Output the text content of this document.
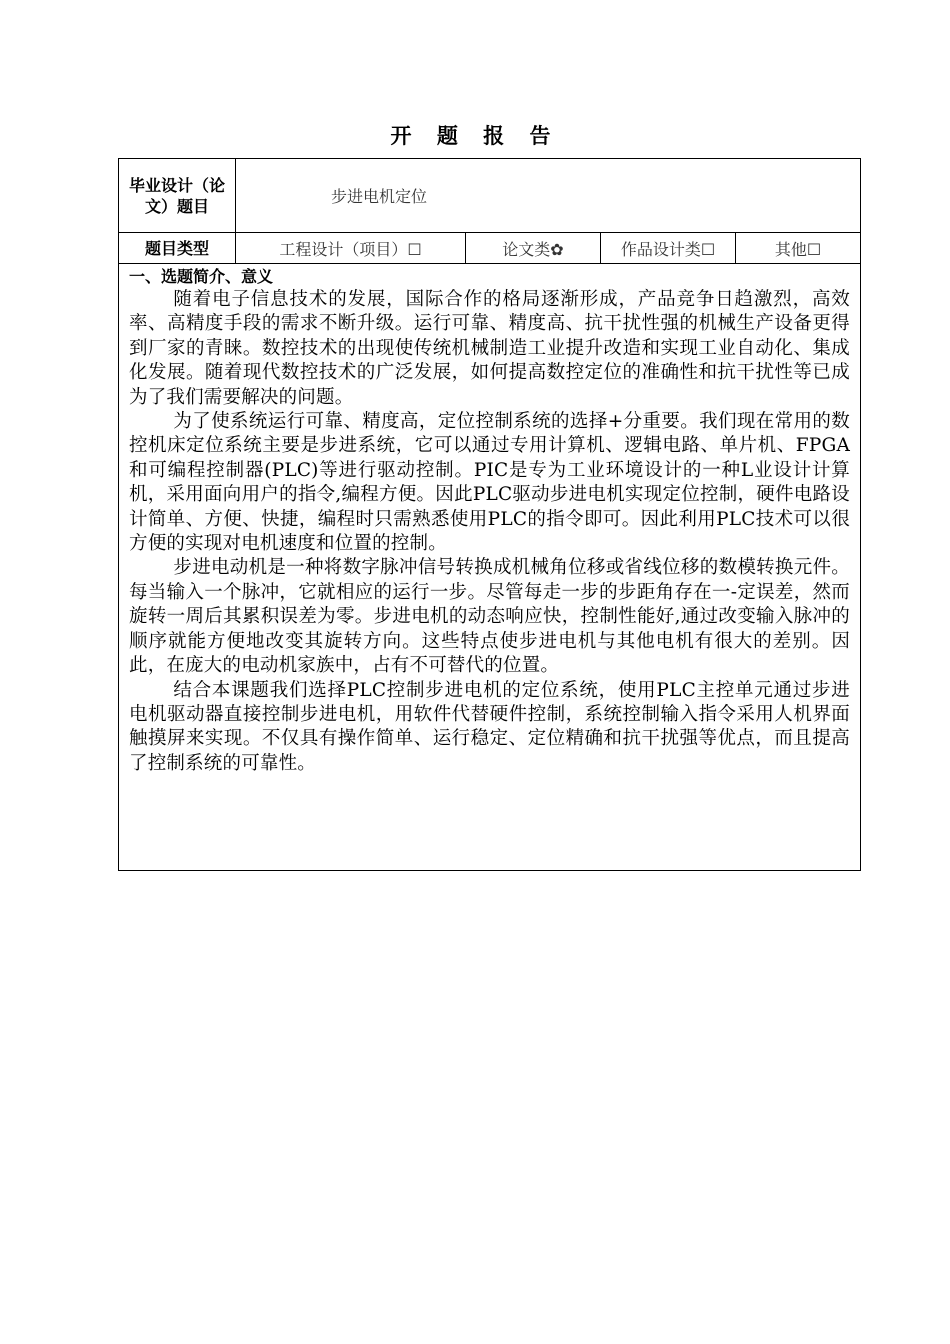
开 题 报 告
毕业设计（论文）题目	步进电机定位			
题目类型	工程设计（项目）☐	论文类✿	作品设计类☐	其他☐

一、选题简介、意义

随着电子信息技术的发展，国际合作的格局逐渐形成，产品竞争日趋激烈，高效率、高精度手段的需求不断升级。运行可靠、精度高、抗干扰性强的机械生产设备更得到厂家的青睐。数控技术的出现使传统机械制造工业提升改造和实现工业自动化、集成化发展。随着现代数控技术的广泛发展，如何提高数控定位的准确性和抗干扰性等已成为了我们需要解决的问题。

为了使系统运行可靠、精度高，定位控制系统的选择+分重要。我们现在常用的数控机床定位系统主要是步进系统，它可以通过专用计算机、逻辑电路、单片机、FPGA和可编程控制器(PLC)等进行驱动控制。PIC是专为工业环境设计的一种L业设计计算机，采用面向用户的指令,编程方便。因此PLC驱动步进电机实现定位控制，硬件电路设计简单、方便、快捷，编程时只需熟悉使用PLC的指令即可。因此利用PLC技术可以很方便的实现对电机速度和位置的控制。

步进电动机是一种将数字脉冲信号转换成机械角位移或省线位移的数模转换元件。每当输入一个脉冲，它就相应的运行一步。尽管每走一步的步距角存在一-定误差，然而旋转一周后其累积误差为零。步进电机的动态响应快，控制性能好,通过改变输入脉冲的顺序就能方便地改变其旋转方向。这些特点使步进电机与其他电机有很大的差别。因此，在庞大的电动机家族中，占有不可替代的位置。

结合本课题我们选择PLC控制步进电机的定位系统，使用PLC主控单元通过步进电机驱动器直接控制步进电机，用软件代替硬件控制，系统控制输入指令采用人机界面触摸屏来实现。不仅具有操作简单、运行稳定、定位精确和抗干扰强等优点，而且提高了控制系统的可靠性。				
